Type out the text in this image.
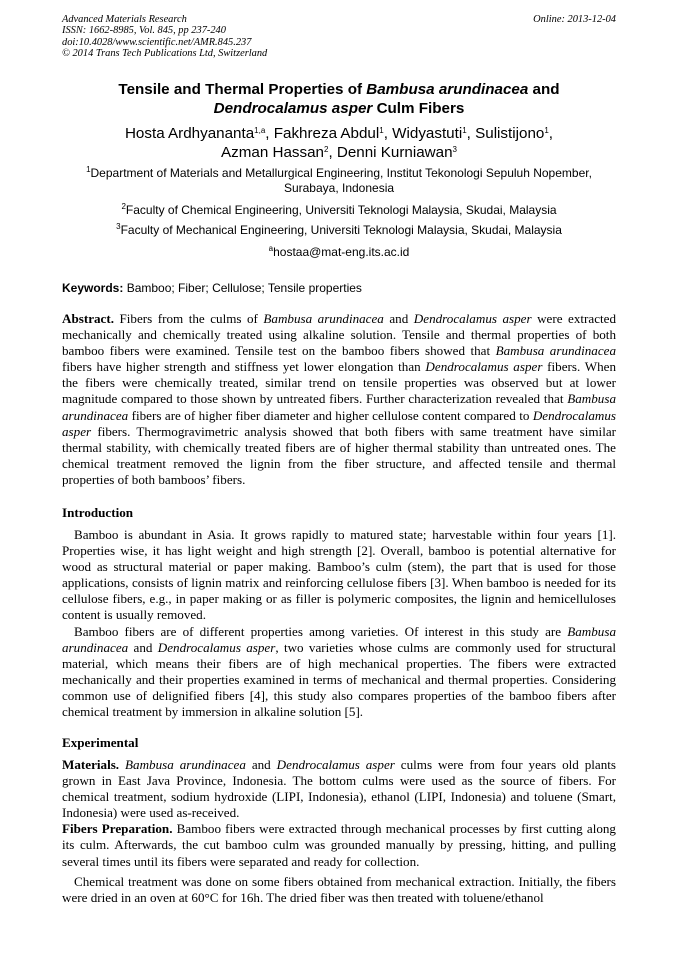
Advanced Materials Research
ISSN: 1662-8985, Vol. 845, pp 237-240
doi:10.4028/www.scientific.net/AMR.845.237
© 2014 Trans Tech Publications Ltd, Switzerland
Online: 2013-12-04
Tensile and Thermal Properties of Bambusa arundinacea and
Dendrocalamus asper Culm Fibers
Hosta Ardhyananta$^{1,a}$, Fakhreza Abdul$^1$, Widyastuti$^1$, Sulistijono$^1$,
Azman Hassan$^2$, Denni Kurniawan$^3$
$^1$Department of Materials and Metallurgical Engineering, Institut Tekonologi Sepuluh Nopember,
Surabaya, Indonesia
$^2$Faculty of Chemical Engineering, Universiti Teknologi Malaysia, Skudai, Malaysia
$^3$Faculty of Mechanical Engineering, Universiti Teknologi Malaysia, Skudai, Malaysia
$^a$hostaa@mat-eng.its.ac.id
Keywords: Bamboo; Fiber; Cellulose; Tensile properties

Abstract. Fibers from the culms of Bambusa arundinacea and Dendrocalamus asper were extracted mechanically and chemically treated using alkaline solution. Tensile and thermal properties of both bamboo fibers were examined. Tensile test on the bamboo fibers showed that Bambusa arundinacea fibers have higher strength and stiffness yet lower elongation than Dendrocalamus asper fibers. When the fibers were chemically treated, similar trend on tensile properties was observed but at lower magnitude compared to those shown by untreated fibers. Further characterization revealed that Bambusa arundinacea fibers are of higher fiber diameter and higher cellulose content compared to Dendrocalamus asper fibers. Thermogravimetric analysis showed that both fibers with same treatment have similar thermal stability, with chemically treated fibers are of higher thermal stability than untreated ones. The chemical treatment removed the lignin from the fiber structure, and affected tensile and thermal properties of both bamboos’ fibers.

Introduction

Bamboo is abundant in Asia. It grows rapidly to matured state; harvestable within four years [1]. Properties wise, it has light weight and high strength [2]. Overall, bamboo is potential alternative for wood as structural material or paper making. Bamboo’s culm (stem), the part that is used for those applications, consists of lignin matrix and reinforcing cellulose fibers [3]. When bamboo is needed for its cellulose fibers, e.g., in paper making or as filler is polymeric composites, the lignin and hemicelluloses content is usually removed.

Bamboo fibers are of different properties among varieties. Of interest in this study are Bambusa arundinacea and Dendrocalamus asper, two varieties whose culms are commonly used for structural material, which means their fibers are of high mechanical properties. The fibers were extracted mechanically and their properties examined in terms of mechanical and thermal properties. Considering common use of delignified fibers [4], this study also compares properties of the bamboo fibers after chemical treatment by immersion in alkaline solution [5].

Experimental

Materials. Bambusa arundinacea and Dendrocalamus asper culms were from four years old plants grown in East Java Province, Indonesia. The bottom culms were used as the source of fibers. For chemical treatment, sodium hydroxide (LIPI, Indonesia), ethanol (LIPI, Indonesia) and toluene (Smart, Indonesia) were used as-received.

Fibers Preparation. Bamboo fibers were extracted through mechanical processes by first cutting along its culm. Afterwards, the cut bamboo culm was grounded manually by pressing, hitting, and pulling several times until its fibers were separated and ready for collection.

Chemical treatment was done on some fibers obtained from mechanical extraction. Initially, the fibers were dried in an oven at 60°C for 16h. The dried fiber was then treated with toluene/ethanol
